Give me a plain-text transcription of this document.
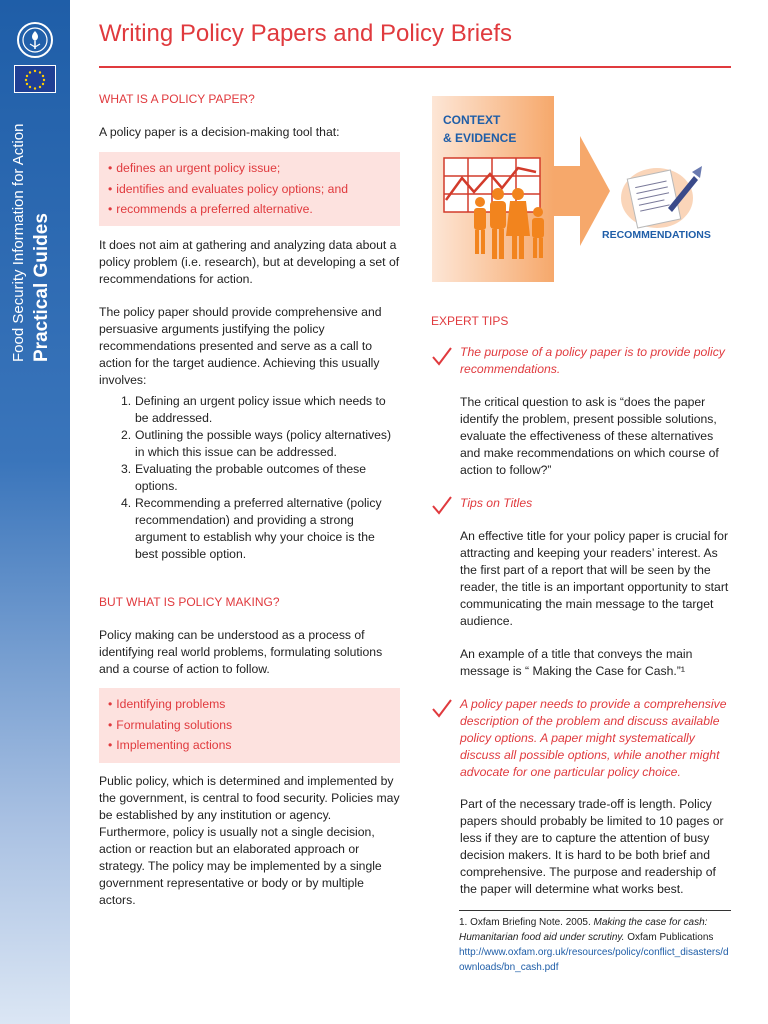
Food Security Information for Action Practical Guides
Writing Policy Papers and Policy Briefs
WHAT IS A POLICY PAPER?
A policy paper is a decision-making tool that:
• defines an urgent policy issue;
• identifies and evaluates policy options; and
• recommends a preferred alternative.
It does not aim at gathering and analyzing data about a policy problem (i.e. research), but at developing a set of recommendations for action.
The policy paper should provide comprehensive and persuasive arguments justifying the policy recommendations presented and serve as a call to action for the target audience. Achieving this usually involves:
1. Defining an urgent policy issue which needs to be addressed.
2. Outlining the possible ways (policy alternatives) in which this issue can be addressed.
3. Evaluating the probable outcomes of these options.
4. Recommending a preferred alternative (policy recommendation) and providing a strong argument to establish why your choice is the best possible option.
BUT WHAT IS POLICY MAKING?
Policy making can be understood as a process of identifying real world problems, formulating solutions and a course of action to follow.
• Identifying problems
• Formulating solutions
• Implementing actions
Public policy, which is determined and implemented by the government, is central to food security. Policies may be established by any institution or agency. Furthermore, policy is usually not a single decision, action or reaction but an elaborated approach or strategy. The policy may be implemented by a single government representative or body or by multiple actors.
CONTEXT
& EVIDENCE
RECOMMENDATIONS
EXPERT TIPS
The purpose of a policy paper is to provide policy recommendations.
The critical question to ask is “does the paper identify the problem, present possible solutions, evaluate the effectiveness of these alternatives and make recommendations on which course of action to follow?”
Tips on Titles
An effective title for your policy paper is crucial for attracting and keeping your readers’ interest. As the first part of a report that will be seen by the reader, the title is an important opportunity to start communicating the main message to the target audience.
An example of a title that conveys the main message is “ Making the Case for Cash.”¹
A policy paper needs to provide a comprehensive description of the problem and discuss available policy options. A paper might systematically discuss all possible options, while another might advocate for one particular policy choice.
Part of the necessary trade-off is length. Policy papers should probably be limited to 10 pages or less if they are to capture the attention of busy decision makers. It is hard to be both brief and comprehensive. The purpose and readership of the paper will determine what works best.
1. Oxfam Briefing Note. 2005. Making the case for cash: Humanitarian food aid under scrutiny. Oxfam Publications
http://www.oxfam.org.uk/resources/policy/conflict_disasters/downloads/bn_cash.pdf
